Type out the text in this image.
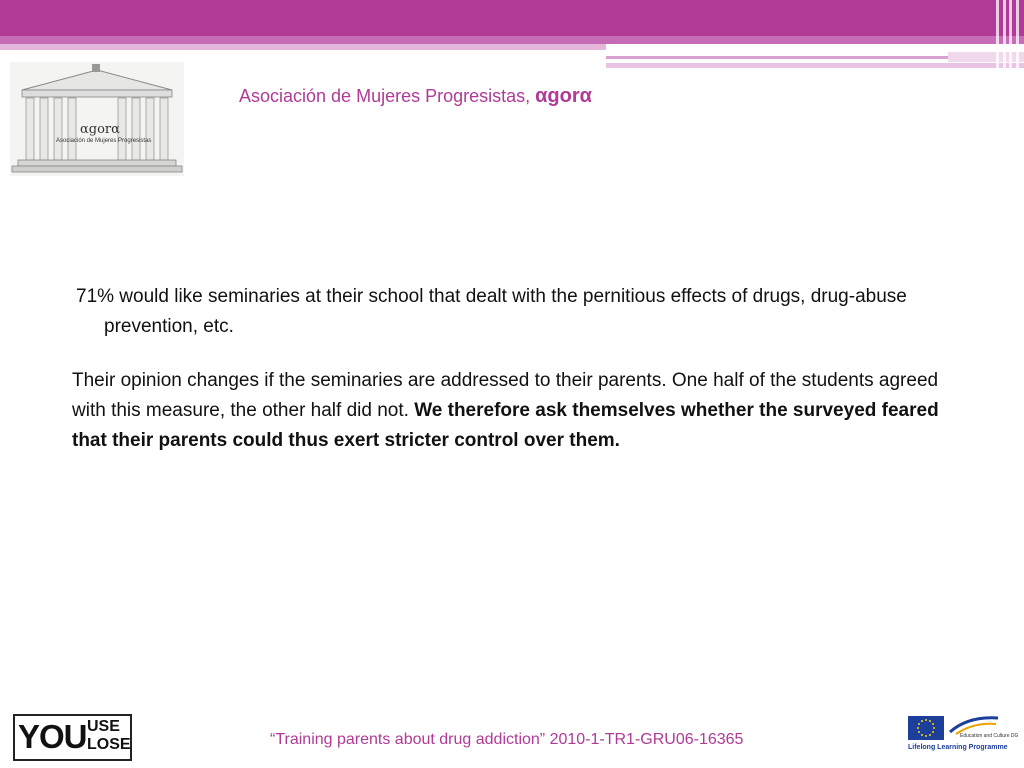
αgorα
Asociación de Mujeres Progresistas
Asociación de Mujeres Progresistas, αgorα

71% would like seminaries at their school that dealt with the pernitious effects of drugs, drug-abuse prevention, etc.

Their opinion changes if the seminaries are addressed to their parents. One half of the students agreed with this measure, the other half did not. We therefore ask themselves whether the surveyed feared that their parents could thus exert stricter control over them.

YOU USE
LOSE	“Training parents about drug addiction” 2010-1-TR1-GRU06-16365	Education and Culture DG
Lifelong Learning Programme
